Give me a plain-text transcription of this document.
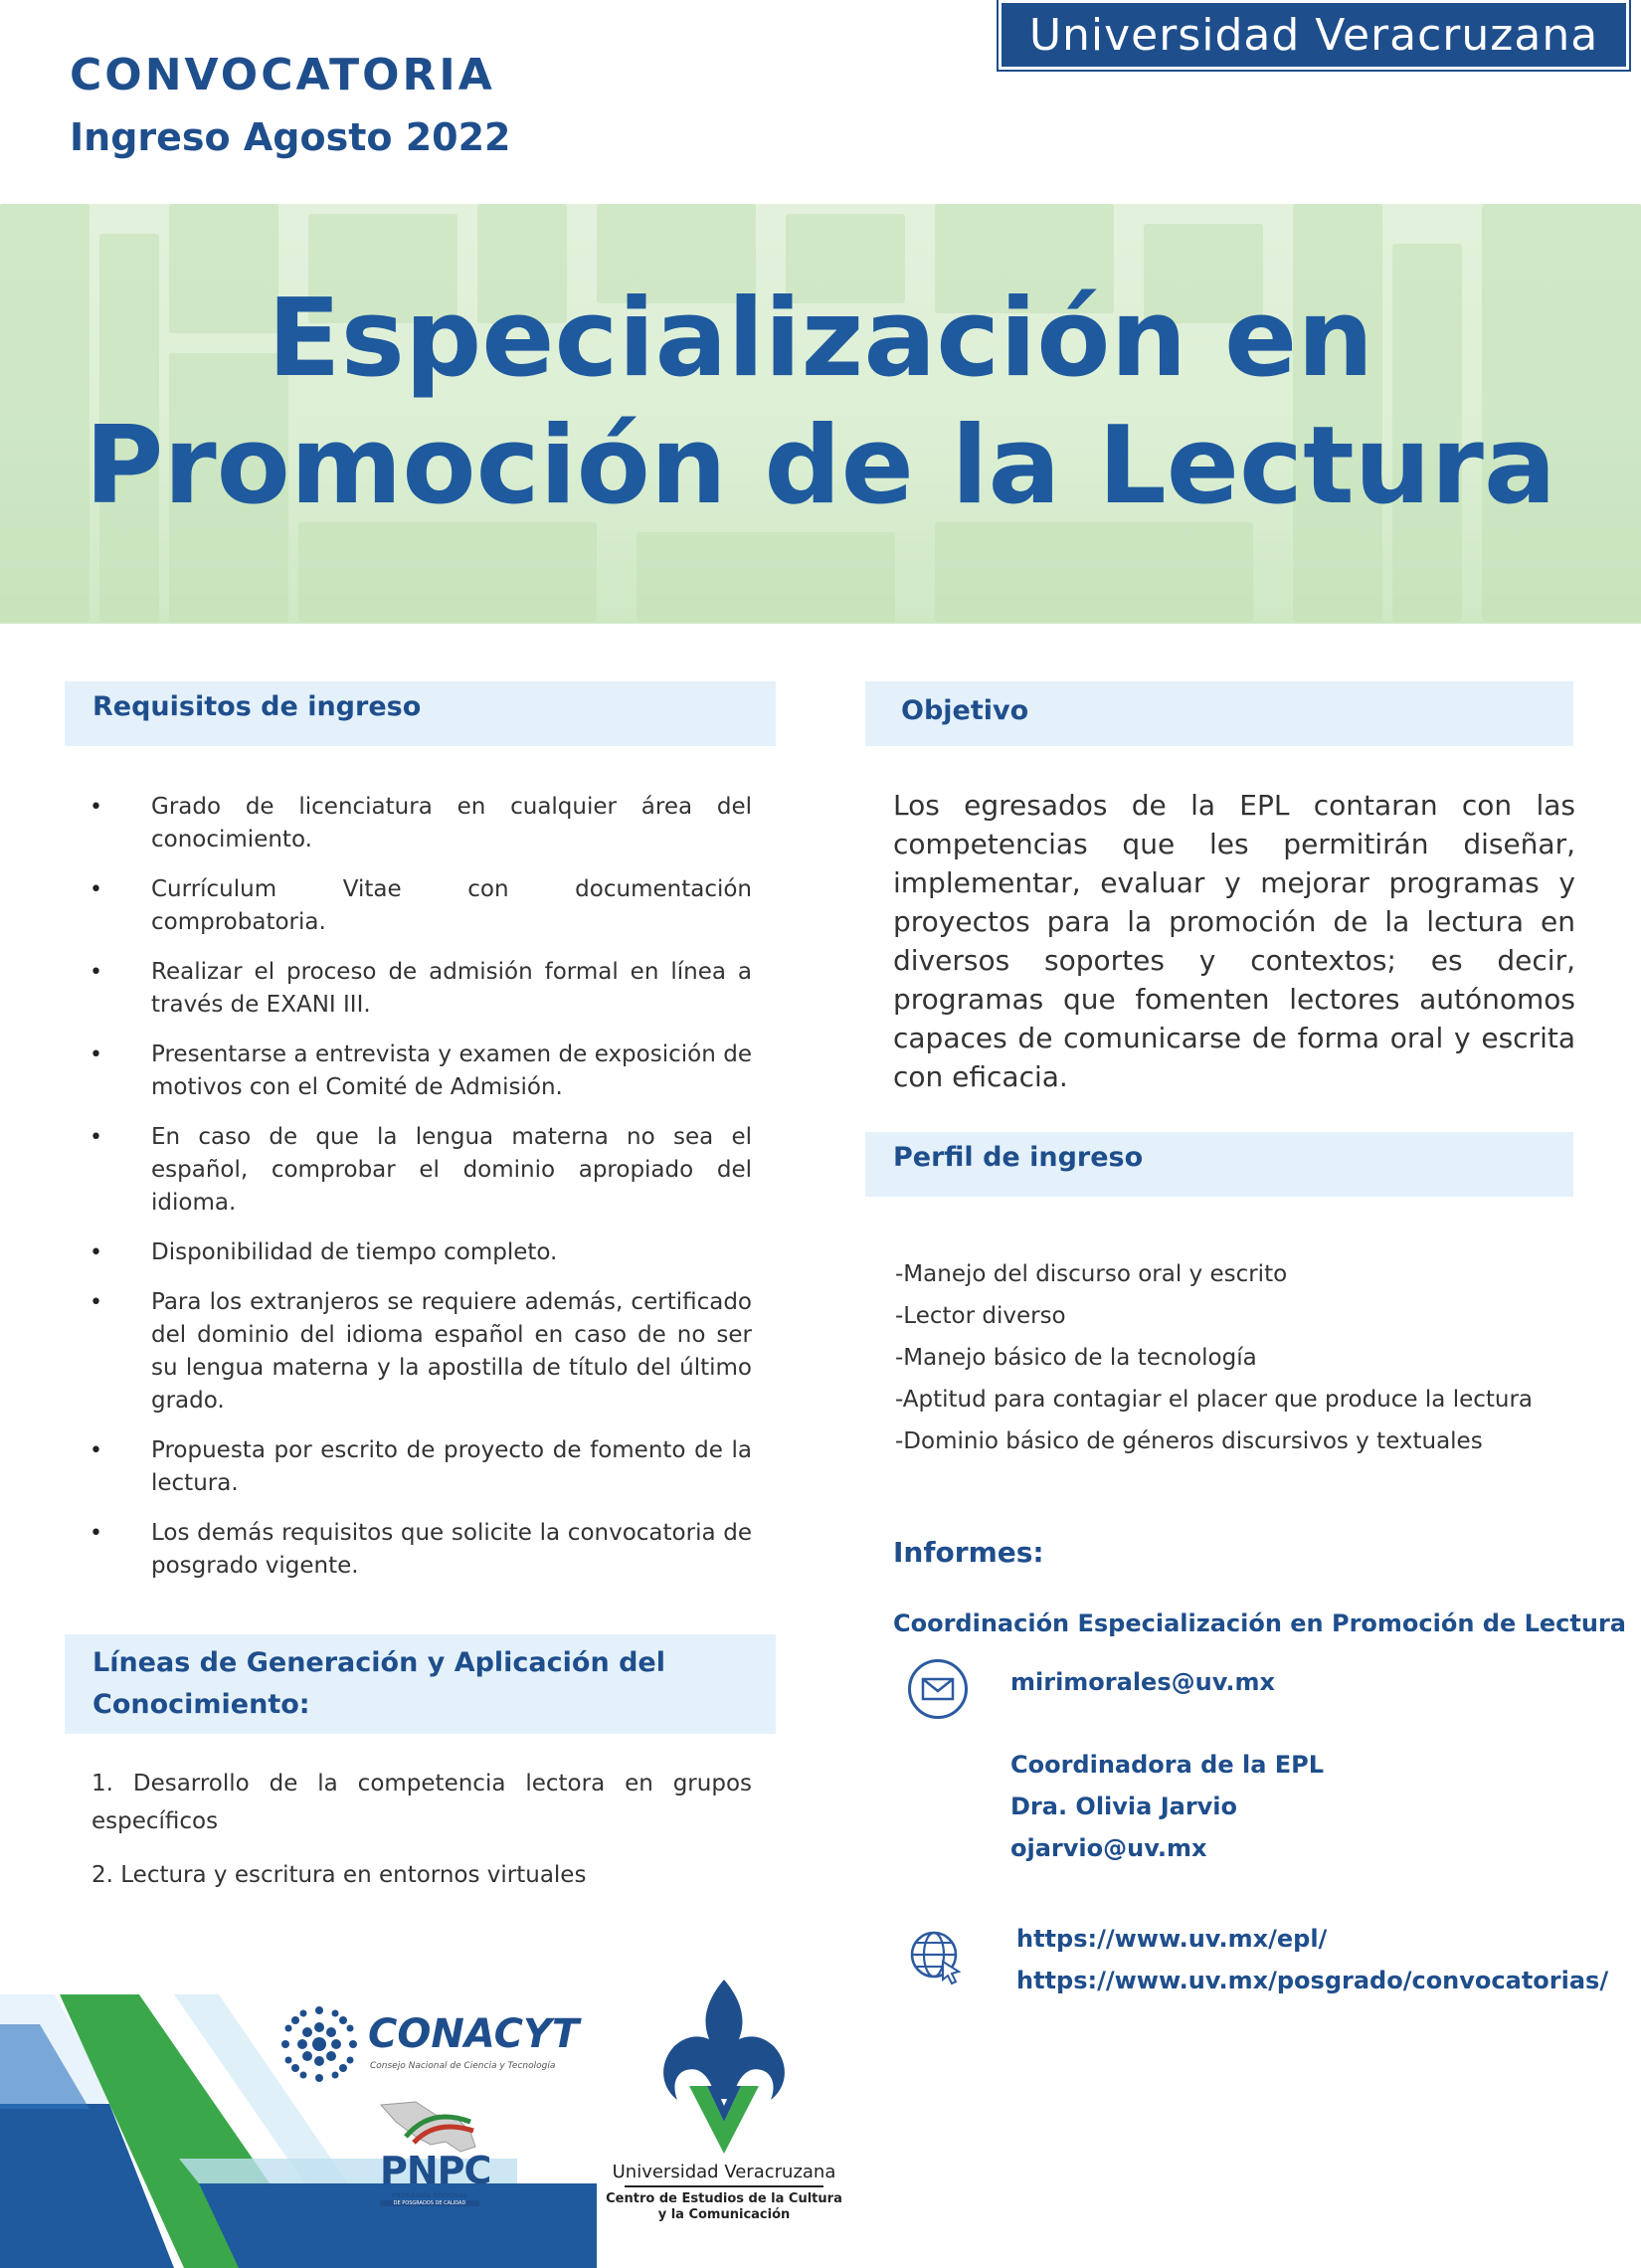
CONVOCATORIA
Ingreso Agosto 2022
Universidad Veracruzana
Especialización en
Promoción de la Lectura
Requisitos de ingreso
• Grado de licenciatura en cualquier área del conocimiento.
• Currículum Vitae con documentación comprobatoria.
• Realizar el proceso de admisión formal en línea a través de EXANI III.
• Presentarse a entrevista y examen de exposición de motivos con el Comité de Admisión.
• En caso de que la lengua materna no sea el español, comprobar el dominio apropiado del idioma.
• Disponibilidad de tiempo completo.
• Para los extranjeros se requiere además, certificado del dominio del idioma español en caso de no ser su lengua materna y la apostilla de título del último grado.
• Propuesta por escrito de proyecto de fomento de la lectura.
• Los demás requisitos que solicite la convocatoria de posgrado vigente.
Objetivo
Los egresados de la EPL contaran con las competencias que les permitirán diseñar, implementar, evaluar y mejorar programas y proyectos para la promoción de la lectura en diversos soportes y contextos; es decir, programas que fomenten lectores autónomos capaces de comunicarse de forma oral y escrita con eficacia.
Perfil de ingreso
-Manejo del discurso oral y escrito
-Lector diverso
-Manejo básico de la tecnología
-Aptitud para contagiar el placer que produce la lectura
-Dominio básico de géneros discursivos y textuales
Líneas de Generación y Aplicación del
Conocimiento:
1. Desarrollo de la competencia lectora en grupos específicos
2. Lectura y escritura en entornos virtuales
Informes:
Coordinación Especialización en Promoción de Lectura
mirimorales@uv.mx
Coordinadora de la EPL
Dra. Olivia Jarvio
ojarvio@uv.mx
https://www.uv.mx/epl/
https://www.uv.mx/posgrado/convocatorias/
CONACYT
Consejo Nacional de Ciencia y Tecnología
PNPC
PROGRAMA NACIONAL
DE POSGRADOS DE CALIDAD
Universidad Veracruzana
Centro de Estudios de la Cultura
y la Comunicación
